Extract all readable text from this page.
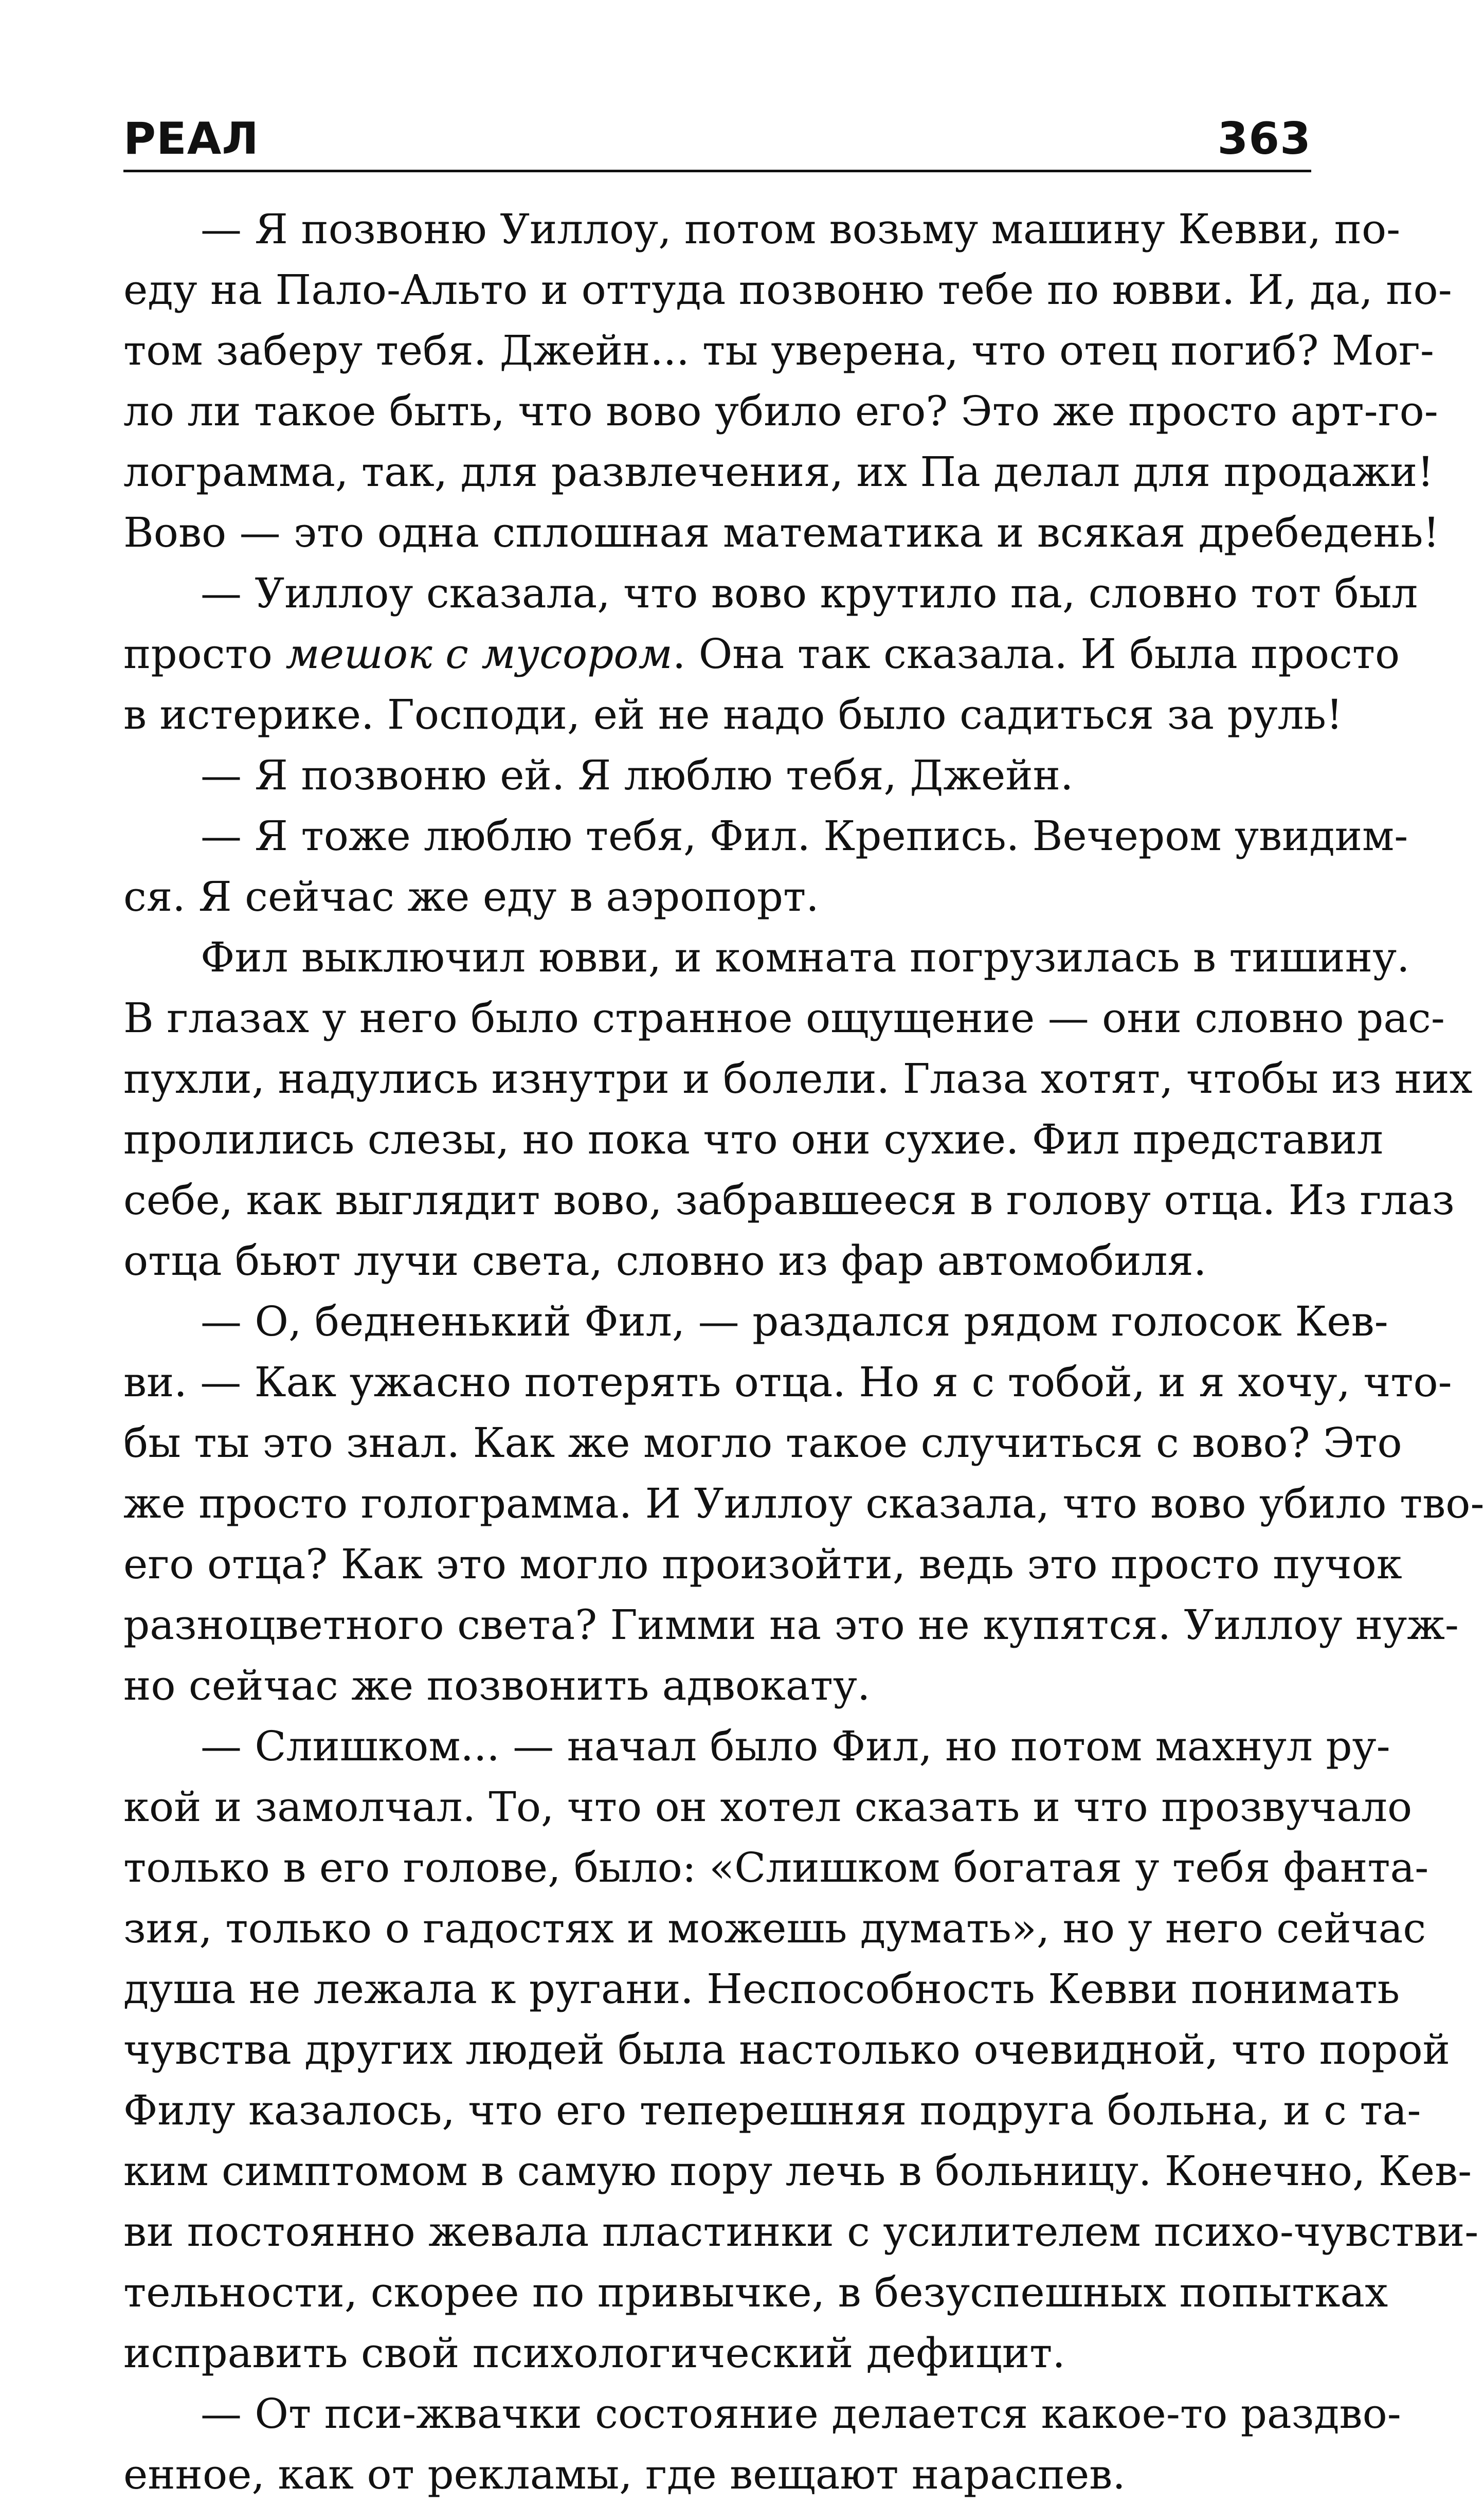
РЕАЛ	363
— Я позвоню Уиллоу, потом возьму машину Кевви, по-
еду на Пало-Альто и оттуда позвоню тебе по ювви. И, да, по-
том заберу тебя. Джейн... ты уверена, что отец погиб? Мог-
ло ли такое быть, что вово убило его? Это же просто арт-го-
лограмма, так, для развлечения, их Па делал для продажи!
Вово — это одна сплошная математика и всякая дребедень!
— Уиллоу сказала, что вово крутило па, словно тот был
просто мешок с мусором. Она так сказала. И была просто
в истерике. Господи, ей не надо было садиться за руль!
— Я позвоню ей. Я люблю тебя, Джейн.
— Я тоже люблю тебя, Фил. Крепись. Вечером увидим-
ся. Я сейчас же еду в аэропорт.
Фил выключил ювви, и комната погрузилась в тишину.
В глазах у него было странное ощущение — они словно рас-
пухли, надулись изнутри и болели. Глаза хотят, чтобы из них
пролились слезы, но пока что они сухие. Фил представил
себе, как выглядит вово, забравшееся в голову отца. Из глаз
отца бьют лучи света, словно из фар автомобиля.
— О, бедненький Фил, — раздался рядом голосок Кев-
ви. — Как ужасно потерять отца. Но я с тобой, и я хочу, что-
бы ты это знал. Как же могло такое случиться с вово? Это
же просто голограмма. И Уиллоу сказала, что вово убило тво-
его отца? Как это могло произойти, ведь это просто пучок
разноцветного света? Гимми на это не купятся. Уиллоу нуж-
но сейчас же позвонить адвокату.
— Слишком... — начал было Фил, но потом махнул ру-
кой и замолчал. То, что он хотел сказать и что прозвучало
только в его голове, было: «Слишком богатая у тебя фанта-
зия, только о гадостях и можешь думать», но у него сейчас
душа не лежала к ругани. Неспособность Кевви понимать
чувства других людей была настолько очевидной, что порой
Филу казалось, что его теперешняя подруга больна, и с та-
ким симптомом в самую пору лечь в больницу. Конечно, Кев-
ви постоянно жевала пластинки с усилителем психо-чувстви-
тельности, скорее по привычке, в безуспешных попытках
исправить свой психологический дефицит.
— От пси-жвачки состояние делается какое-то раздво-
енное, как от рекламы, где вещают нараспев.
